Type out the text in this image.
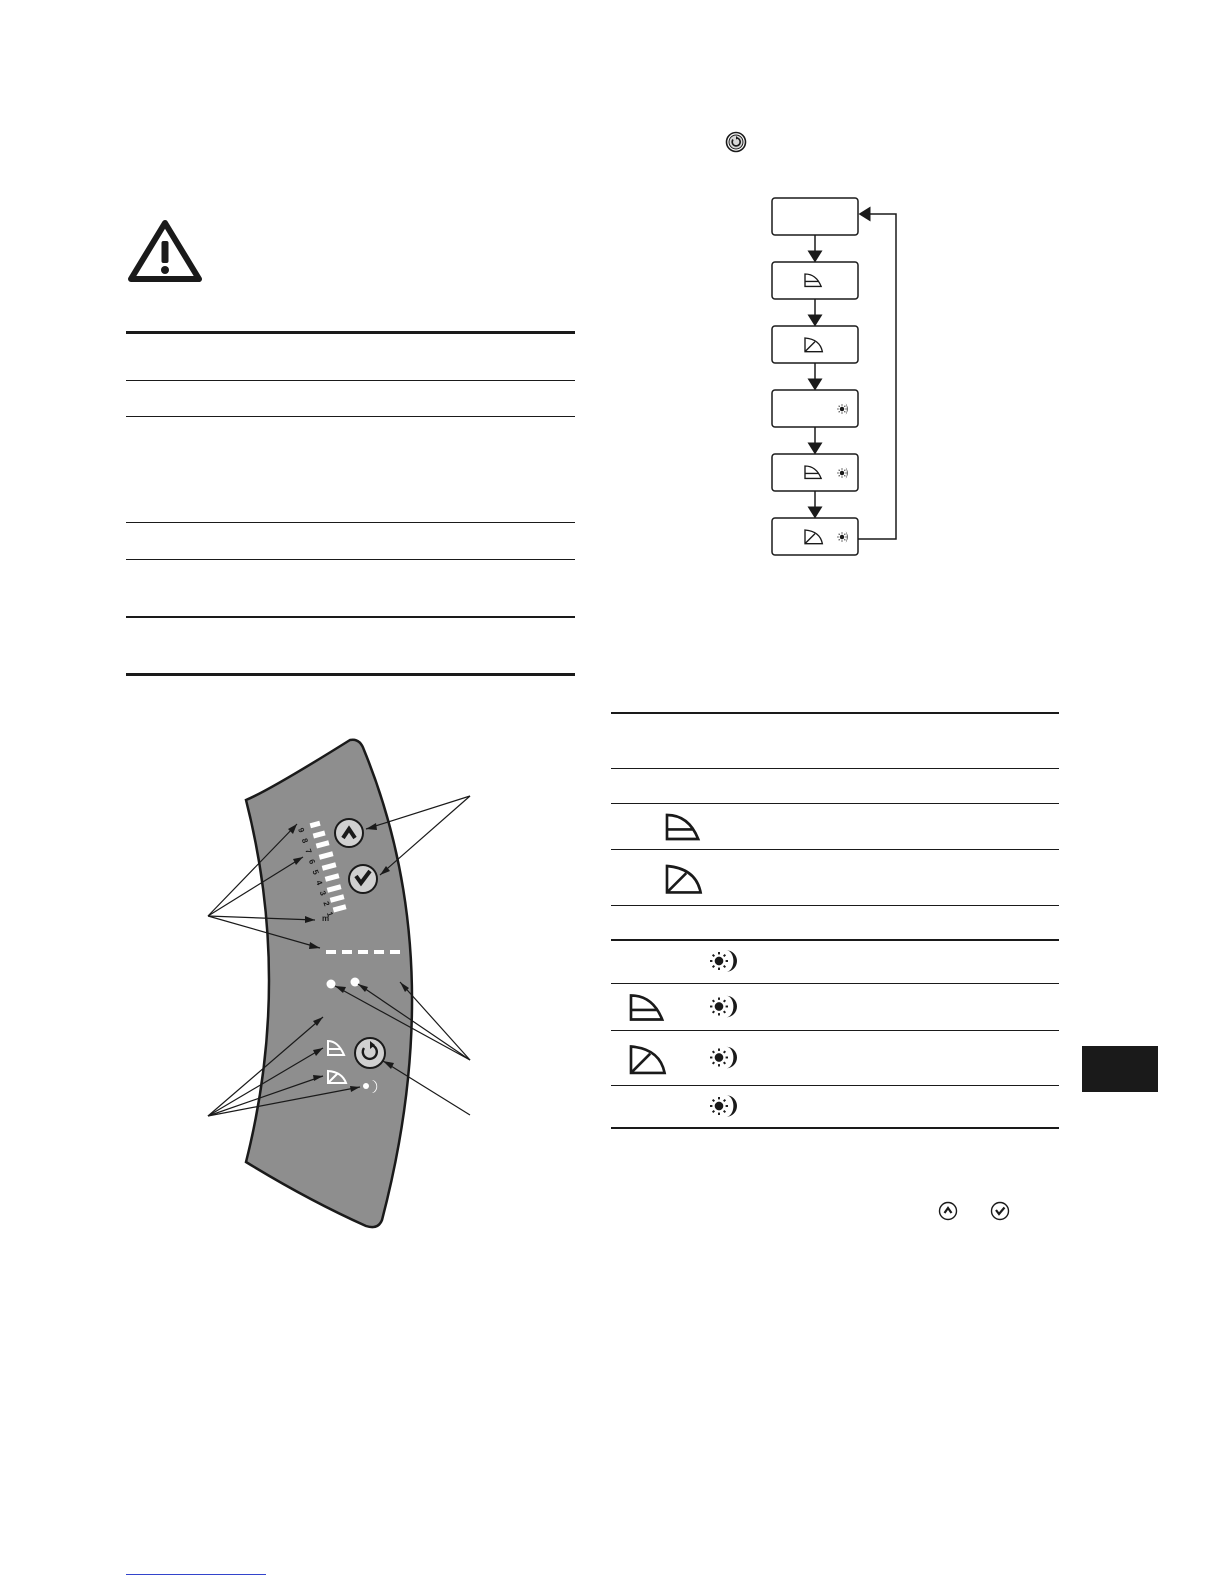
9
8
7
6
5
4
3
2
1
m
